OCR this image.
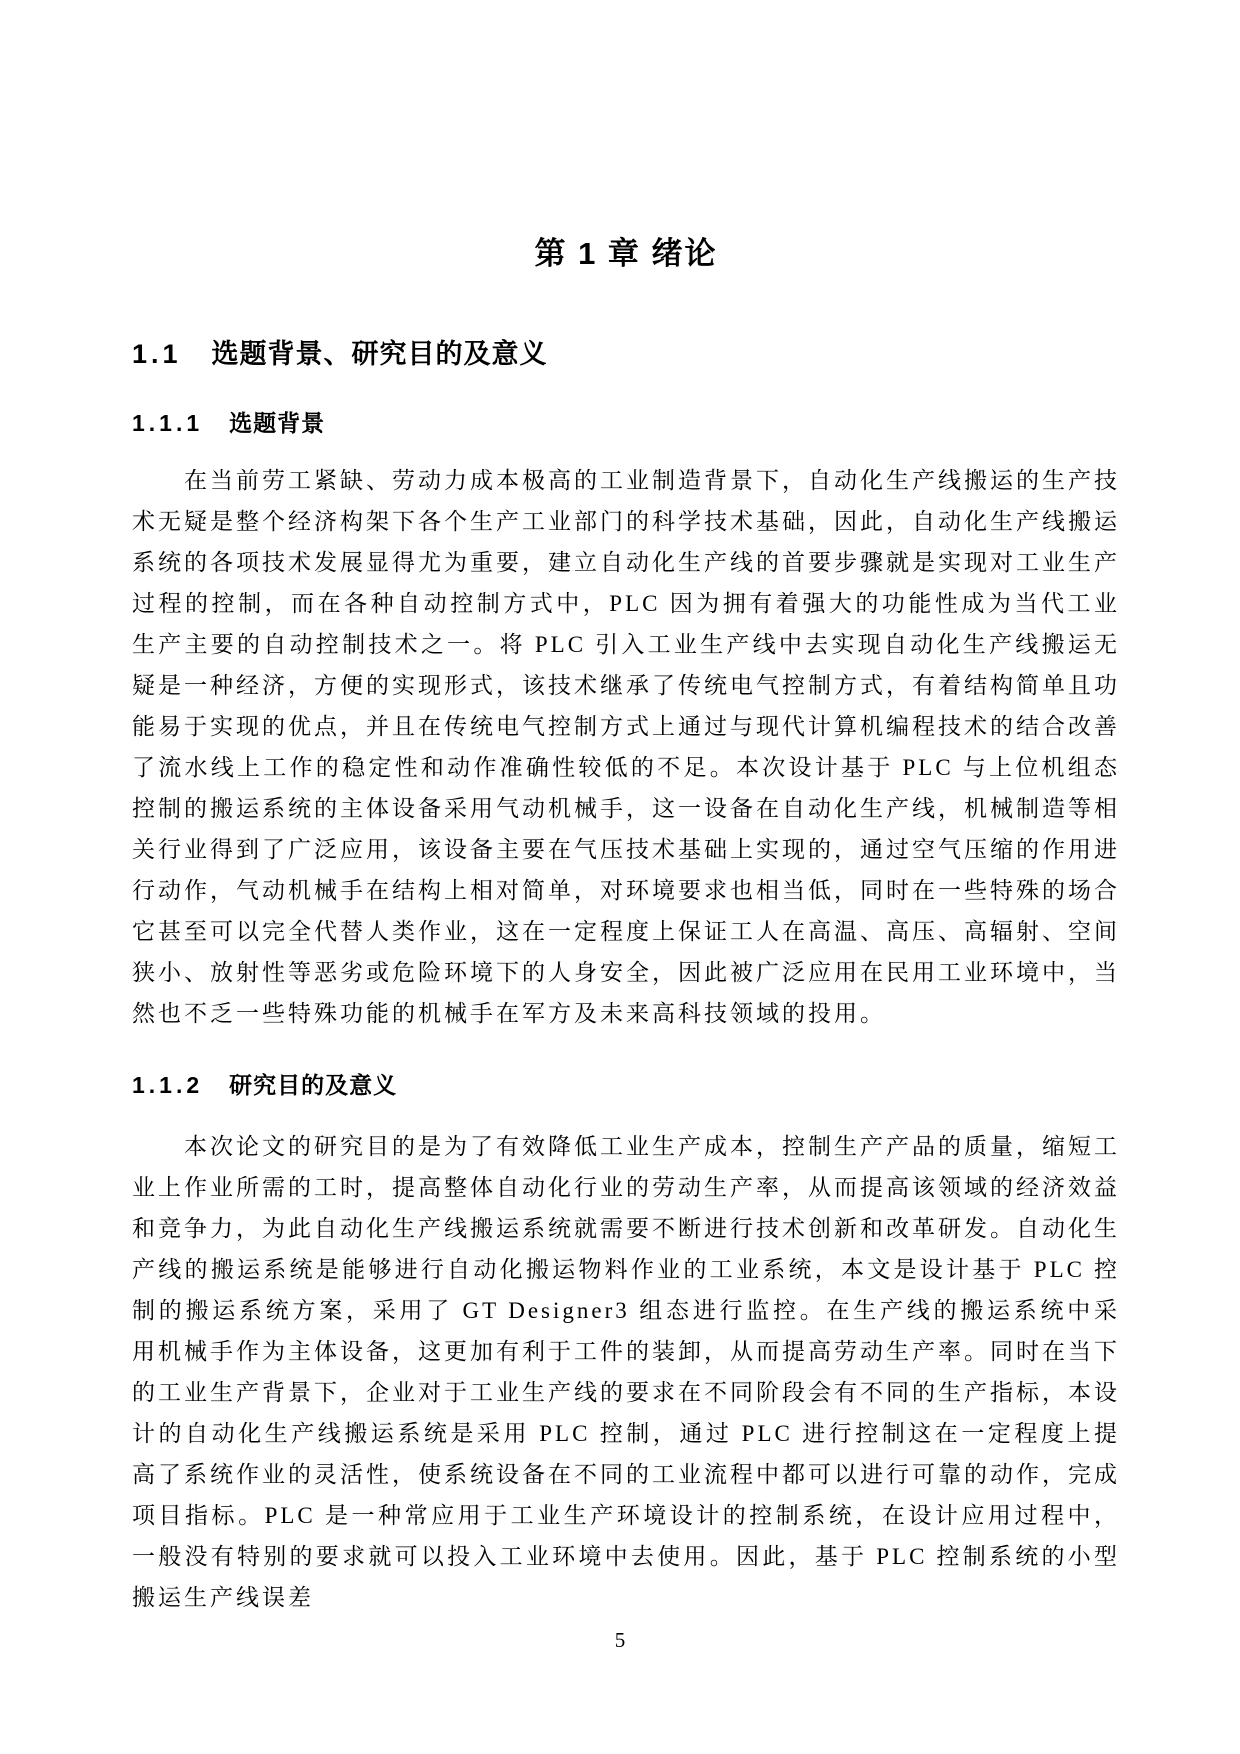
第 1 章 绪论
1.1 选题背景、研究目的及意义
1.1.1 选题背景

在当前劳工紧缺、劳动力成本极高的工业制造背景下，自动化生产线搬运的生产技术无疑是整个经济构架下各个生产工业部门的科学技术基础，因此，自动化生产线搬运系统的各项技术发展显得尤为重要，建立自动化生产线的首要步骤就是实现对工业生产过程的控制，而在各种自动控制方式中，PLC 因为拥有着强大的功能性成为当代工业生产主要的自动控制技术之一。将 PLC 引入工业生产线中去实现自动化生产线搬运无疑是一种经济，方便的实现形式，该技术继承了传统电气控制方式，有着结构简单且功能易于实现的优点，并且在传统电气控制方式上通过与现代计算机编程技术的结合改善了流水线上工作的稳定性和动作准确性较低的不足。本次设计基于 PLC 与上位机组态控制的搬运系统的主体设备采用气动机械手，这一设备在自动化生产线，机械制造等相关行业得到了广泛应用，该设备主要在气压技术基础上实现的，通过空气压缩的作用进行动作，气动机械手在结构上相对简单，对环境要求也相当低，同时在一些特殊的场合它甚至可以完全代替人类作业，这在一定程度上保证工人在高温、高压、高辐射、空间狭小、放射性等恶劣或危险环境下的人身安全，因此被广泛应用在民用工业环境中，当然也不乏一些特殊功能的机械手在军方及未来高科技领域的投用。

1.1.2 研究目的及意义

本次论文的研究目的是为了有效降低工业生产成本，控制生产产品的质量，缩短工业上作业所需的工时，提高整体自动化行业的劳动生产率，从而提高该领域的经济效益和竞争力，为此自动化生产线搬运系统就需要不断进行技术创新和改革研发。自动化生产线的搬运系统是能够进行自动化搬运物料作业的工业系统，本文是设计基于 PLC 控制的搬运系统方案，采用了 GT Designer3 组态进行监控。在生产线的搬运系统中采用机械手作为主体设备，这更加有利于工件的装卸，从而提高劳动生产率。同时在当下的工业生产背景下，企业对于工业生产线的要求在不同阶段会有不同的生产指标，本设计的自动化生产线搬运系统是采用 PLC 控制，通过 PLC 进行控制这在一定程度上提高了系统作业的灵活性，使系统设备在不同的工业流程中都可以进行可靠的动作，完成项目指标。PLC 是一种常应用于工业生产环境设计的控制系统，在设计应用过程中，一般没有特别的要求就可以投入工业环境中去使用。因此，基于 PLC 控制系统的小型搬运生产线误差

5
